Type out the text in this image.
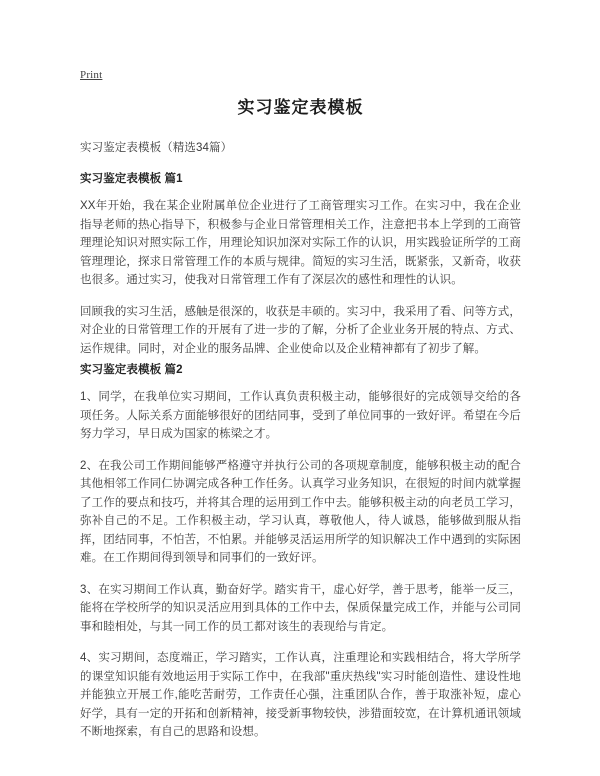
Print
实习鉴定表模板

实习鉴定表模板（精选34篇）

实习鉴定表模板 篇1

XX年开始，我在某企业附属单位企业进行了工商管理实习工作。在实习中，我在企业指导老师的热心指导下，积极参与企业日常管理相关工作，注意把书本上学到的工商管理理论知识对照实际工作，用理论知识加深对实际工作的认识，用实践验证所学的工商管理理论，探求日常管理工作的本质与规律。简短的实习生活，既紧张，又新奇，收获也很多。通过实习，使我对日常管理工作有了深层次的感性和理性的认识。

回顾我的实习生活，感触是很深的，收获是丰硕的。实习中，我采用了看、问等方式，对企业的日常管理工作的开展有了进一步的了解，分析了企业业务开展的特点、方式、运作规律。同时，对企业的服务品牌、企业使命以及企业精神都有了初步了解。

实习鉴定表模板 篇2

1、同学，在我单位实习期间，工作认真负责积极主动，能够很好的完成领导交给的各项任务。人际关系方面能够很好的团结同事，受到了单位同事的一致好评。希望在今后努力学习，早日成为国家的栋梁之才。

2、在我公司工作期间能够严格遵守并执行公司的各项规章制度，能够积极主动的配合其他相邻工作同仁协调完成各种工作任务。认真学习业务知识，在很短的时间内就掌握了工作的要点和技巧，并将其合理的运用到工作中去。能够积极主动的向老员工学习，弥补自己的不足。工作积极主动，学习认真，尊敬他人，待人诚恳，能够做到服从指挥，团结同事，不怕苦，不怕累。并能够灵活运用所学的知识解决工作中遇到的实际困难。在工作期间得到领导和同事们的一致好评。

3、在实习期间工作认真，勤奋好学。踏实肯干，虚心好学，善于思考，能举一反三，能将在学校所学的知识灵活应用到具体的工作中去，保质保量完成工作，并能与公司同事和睦相处，与其一同工作的员工都对该生的表现给与肯定。

4、实习期间，态度端正，学习踏实，工作认真，注重理论和实践相结合，将大学所学的课堂知识能有效地运用于实际工作中，在我部"重庆热线"实习时能创造性、建设性地并能独立开展工作,能吃苦耐劳，工作责任心强，注重团队合作，善于取涨补短，虚心好学，具有一定的开拓和创新精神，接受新事物较快，涉猎面较宽，在计算机通讯领域不断地探索，有自己的思路和设想。
